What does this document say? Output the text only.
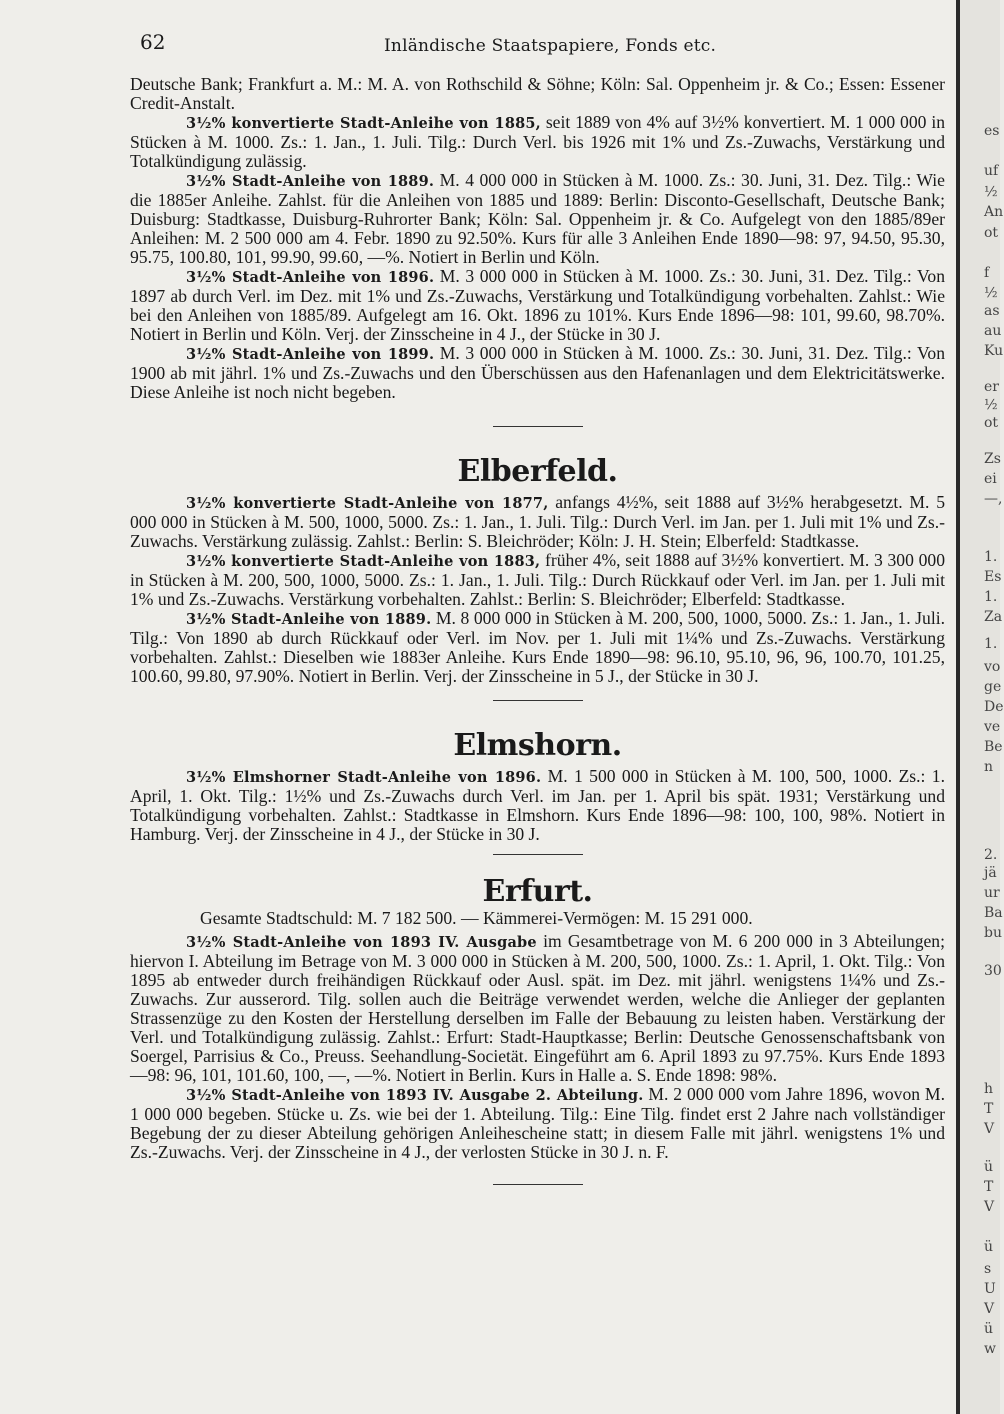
62	Inländische Staatspapiere, Fonds etc.

Deutsche Bank; Frankfurt a. M.: M. A. von Rothschild & Söhne; Köln: Sal. Oppenheim jr. & Co.; Essen: Essener Credit-Anstalt.

3½% konvertierte Stadt-Anleihe von 1885, seit 1889 von 4% auf 3½% konvertiert. M. 1 000 000 in Stücken à M. 1000. Zs.: 1. Jan., 1. Juli. Tilg.: Durch Verl. bis 1926 mit 1% und Zs.-Zuwachs, Verstärkung und Totalkündigung zulässig.

3½% Stadt-Anleihe von 1889. M. 4 000 000 in Stücken à M. 1000. Zs.: 30. Juni, 31. Dez. Tilg.: Wie die 1885er Anleihe. Zahlst. für die Anleihen von 1885 und 1889: Berlin: Disconto-Gesellschaft, Deutsche Bank; Duisburg: Stadtkasse, Duisburg-Ruhrorter Bank; Köln: Sal. Oppenheim jr. & Co. Aufgelegt von den 1885/89er Anleihen: M. 2 500 000 am 4. Febr. 1890 zu 92.50%. Kurs für alle 3 Anleihen Ende 1890—98: 97, 94.50, 95.30, 95.75, 100.80, 101, 99.90, 99.60, —%. Notiert in Berlin und Köln.

3½% Stadt-Anleihe von 1896. M. 3 000 000 in Stücken à M. 1000. Zs.: 30. Juni, 31. Dez. Tilg.: Von 1897 ab durch Verl. im Dez. mit 1% und Zs.-Zuwachs, Verstärkung und Totalkündigung vorbehalten. Zahlst.: Wie bei den Anleihen von 1885/89. Aufgelegt am 16. Okt. 1896 zu 101%. Kurs Ende 1896—98: 101, 99.60, 98.70%. Notiert in Berlin und Köln. Verj. der Zinsscheine in 4 J., der Stücke in 30 J.

3½% Stadt-Anleihe von 1899. M. 3 000 000 in Stücken à M. 1000. Zs.: 30. Juni, 31. Dez. Tilg.: Von 1900 ab mit jährl. 1% und Zs.-Zuwachs und den Überschüssen aus den Hafenanlagen und dem Elektricitätswerke. Diese Anleihe ist noch nicht begeben.

Elberfeld.

3½% konvertierte Stadt-Anleihe von 1877, anfangs 4½%, seit 1888 auf 3½% herabgesetzt. M. 5 000 000 in Stücken à M. 500, 1000, 5000. Zs.: 1. Jan., 1. Juli. Tilg.: Durch Verl. im Jan. per 1. Juli mit 1% und Zs.-Zuwachs. Verstärkung zulässig. Zahlst.: Berlin: S. Bleichröder; Köln: J. H. Stein; Elberfeld: Stadtkasse.

3½% konvertierte Stadt-Anleihe von 1883, früher 4%, seit 1888 auf 3½% konvertiert. M. 3 300 000 in Stücken à M. 200, 500, 1000, 5000. Zs.: 1. Jan., 1. Juli. Tilg.: Durch Rückkauf oder Verl. im Jan. per 1. Juli mit 1% und Zs.-Zuwachs. Verstärkung vorbehalten. Zahlst.: Berlin: S. Bleichröder; Elberfeld: Stadtkasse.

3½% Stadt-Anleihe von 1889. M. 8 000 000 in Stücken à M. 200, 500, 1000, 5000. Zs.: 1. Jan., 1. Juli. Tilg.: Von 1890 ab durch Rückkauf oder Verl. im Nov. per 1. Juli mit 1¼% und Zs.-Zuwachs. Verstärkung vorbehalten. Zahlst.: Dieselben wie 1883er Anleihe. Kurs Ende 1890—98: 96.10, 95.10, 96, 96, 100.70, 101.25, 100.60, 99.80, 97.90%. Notiert in Berlin. Verj. der Zinsscheine in 5 J., der Stücke in 30 J.

Elmshorn.

3½% Elmshorner Stadt-Anleihe von 1896. M. 1 500 000 in Stücken à M. 100, 500, 1000. Zs.: 1. April, 1. Okt. Tilg.: 1½% und Zs.-Zuwachs durch Verl. im Jan. per 1. April bis spät. 1931; Verstärkung und Totalkündigung vorbehalten. Zahlst.: Stadtkasse in Elmshorn. Kurs Ende 1896—98: 100, 100, 98%. Notiert in Hamburg. Verj. der Zinsscheine in 4 J., der Stücke in 30 J.

Erfurt.

Gesamte Stadtschuld: M. 7 182 500. — Kämmerei-Vermögen: M. 15 291 000.

3½% Stadt-Anleihe von 1893 IV. Ausgabe im Gesamtbetrage von M. 6 200 000 in 3 Abteilungen; hiervon I. Abteilung im Betrage von M. 3 000 000 in Stücken à M. 200, 500, 1000. Zs.: 1. April, 1. Okt. Tilg.: Von 1895 ab entweder durch freihändigen Rückkauf oder Ausl. spät. im Dez. mit jährl. wenigstens 1¼% und Zs.-Zuwachs. Zur ausserord. Tilg. sollen auch die Beiträge verwendet werden, welche die Anlieger der geplanten Strassenzüge zu den Kosten der Herstellung derselben im Falle der Bebauung zu leisten haben. Verstärkung der Verl. und Totalkündigung zulässig. Zahlst.: Erfurt: Stadt-Hauptkasse; Berlin: Deutsche Genossenschaftsbank von Soergel, Parrisius & Co., Preuss. Seehandlung-Societät. Eingeführt am 6. April 1893 zu 97.75%. Kurs Ende 1893—98: 96, 101, 101.60, 100, —, —%. Notiert in Berlin. Kurs in Halle a. S. Ende 1898: 98%.

3½% Stadt-Anleihe von 1893 IV. Ausgabe 2. Abteilung. M. 2 000 000 vom Jahre 1896, wovon M. 1 000 000 begeben. Stücke u. Zs. wie bei der 1. Abteilung. Tilg.: Eine Tilg. findet erst 2 Jahre nach vollständiger Begebung der zu dieser Abteilung gehörigen Anleihescheine statt; in diesem Falle mit jährl. wenigstens 1% und Zs.-Zuwachs. Verj. der Zinsscheine in 4 J., der verlosten Stücke in 30 J. n. F.

es
uf
½
An
ot
f
½
as
au
Ku
er
½
ot
Zs
ei
—,
1.
Es
1.
Za
1.
vo
ge
De
ve
Be
n
2.
jä
ur
Ba
bu
30
h
T
V
ü
T
V
ü
s
U
V
ü
w
